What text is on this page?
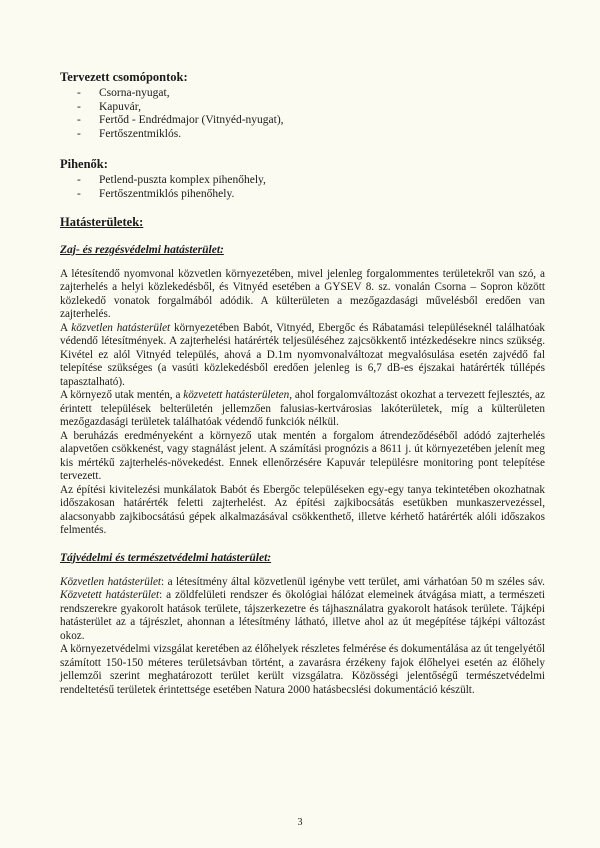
Tervezett csomópontok:
- Csorna-nyugat,
- Kapuvár,
- Fertőd - Endrédmajor (Vitnyéd-nyugat),
- Fertőszentmiklós.
Pihenők:
- Petlend-puszta komplex pihenőhely,
- Fertőszentmiklós pihenőhely.
Hatásterületek:
Zaj- és rezgésvédelmi hatásterület:

A létesítendő nyomvonal közvetlen környezetében, mivel jelenleg forgalommentes területekről van szó, a zajterhelés a helyi közlekedésből, és Vitnyéd esetében a GYSEV 8. sz. vonalán Csorna – Sopron között közlekedő vonatok forgalmából adódik. A külterületen a mezőgazdasági művelésből eredően van zajterhelés.

A közvetlen hatásterület környezetében Babót, Vitnyéd, Ebergőc és Rábatamási településeknél találhatóak védendő létesítmények. A zajterhelési határérték teljesüléséhez zajcsökkentő intézkedésekre nincs szükség. Kivétel ez alól Vitnyéd település, ahová a D.1m nyomvonalváltozat megvalósulása esetén zajvédő fal telepítése szükséges (a vasúti közlekedésből eredően jelenleg is 6,7 dB-es éjszakai határérték túllépés tapasztalható).

A környező utak mentén, a közvetett hatásterületen, ahol forgalomváltozást okozhat a tervezett fejlesztés, az érintett települések belterületén jellemzően falusias-kertvárosias lakóterületek, míg a külterületen mezőgazdasági területek találhatóak védendő funkciók nélkül.

A beruházás eredményeként a környező utak mentén a forgalom átrendeződéséből adódó zajterhelés alapvetően csökkenést, vagy stagnálást jelent. A számítási prognózis a 8611 j. út környezetében jelenít meg kis mértékű zajterhelés-növekedést. Ennek ellenőrzésére Kapuvár településre monitoring pont telepítése tervezett.

Az építési kivitelezési munkálatok Babót és Ebergőc településeken egy-egy tanya tekintetében okozhatnak időszakosan határérték feletti zajterhelést. Az építési zajkibocsátás esetükben munkaszervezéssel, alacsonyabb zajkibocsátású gépek alkalmazásával csökkenthető, illetve kérhető határérték alóli időszakos felmentés.

Tájvédelmi és természetvédelmi hatásterület:

Közvetlen hatásterület: a létesítmény által közvetlenül igénybe vett terület, ami várhatóan 50 m széles sáv. Közvetett hatásterület: a zöldfelületi rendszer és ökológiai hálózat elemeinek átvágása miatt, a természeti rendszerekre gyakorolt hatások területe, tájszerkezetre és tájhasználatra gyakorolt hatások területe. Tájképi hatásterület az a tájrészlet, ahonnan a létesítmény látható, illetve ahol az út megépítése tájképi változást okoz.

A környezetvédelmi vizsgálat keretében az élőhelyek részletes felmérése és dokumentálása az út tengelyétől számított 150-150 méteres területsávban történt, a zavarásra érzékeny fajok élőhelyei esetén az élőhely jellemzői szerint meghatározott terület került vizsgálatra. Közösségi jelentőségű természetvédelmi rendeltetésű területek érintettsége esetében Natura 2000 hatásbecslési dokumentáció készült.

3
